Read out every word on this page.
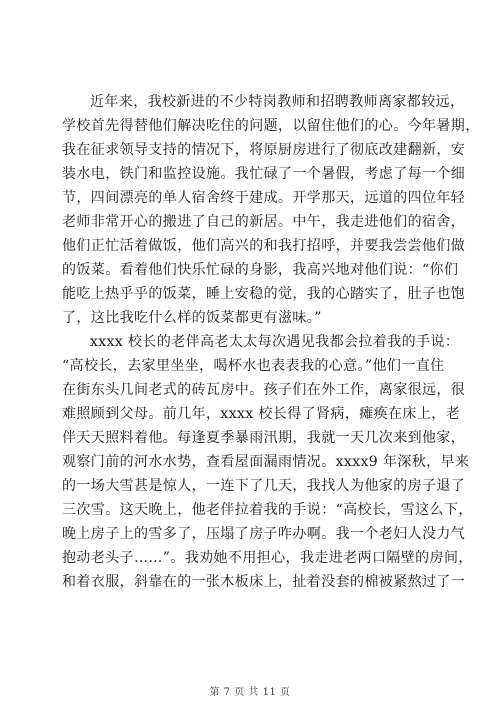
近年来，我校新进的不少特岗教师和招聘教师离家都较远，

学校首先得替他们解决吃住的问题，以留住他们的心。今年暑期，

我在征求领导支持的情况下，将原厨房进行了彻底改建翻新，安

装水电，铁门和监控设施。我忙碌了一个暑假，考虑了每一个细

节，四间漂亮的单人宿舍终于建成。开学那天，远道的四位年轻

老师非常开心的搬进了自己的新居。中午，我走进他们的宿舍，

他们正忙活着做饭，他们高兴的和我打招呼，并要我尝尝他们做

的饭菜。看着他们快乐忙碌的身影，我高兴地对他们说：“你们

能吃上热乎乎的饭菜，睡上安稳的觉，我的心踏实了，肚子也饱

了，这比我吃什么样的饭菜都更有滋味。”

xxxx 校长的老伴高老太太每次遇见我都会拉着我的手说：

“高校长，去家里坐坐，喝杯水也表表我的心意。”他们一直住

在街东头几间老式的砖瓦房中。孩子们在外工作，离家很远，很

难照顾到父母。前几年，xxxx 校长得了肾病，瘫痪在床上，老

伴天天照料着他。每逢夏季暴雨汛期，我就一天几次来到他家，

观察门前的河水水势，查看屋面漏雨情况。xxxx9 年深秋，早来

的一场大雪甚是惊人，一连下了几天，我找人为他家的房子退了

三次雪。这天晚上，他老伴拉着我的手说：“高校长，雪这么下，

晚上房子上的雪多了，压塌了房子咋办啊。我一个老妇人没力气

抱动老头子……”。我劝她不用担心，我走进老两口隔壁的房间，

和着衣服，斜靠在的一张木板床上，扯着没套的棉被紧熬过了一

第 7 页 共 11 页
